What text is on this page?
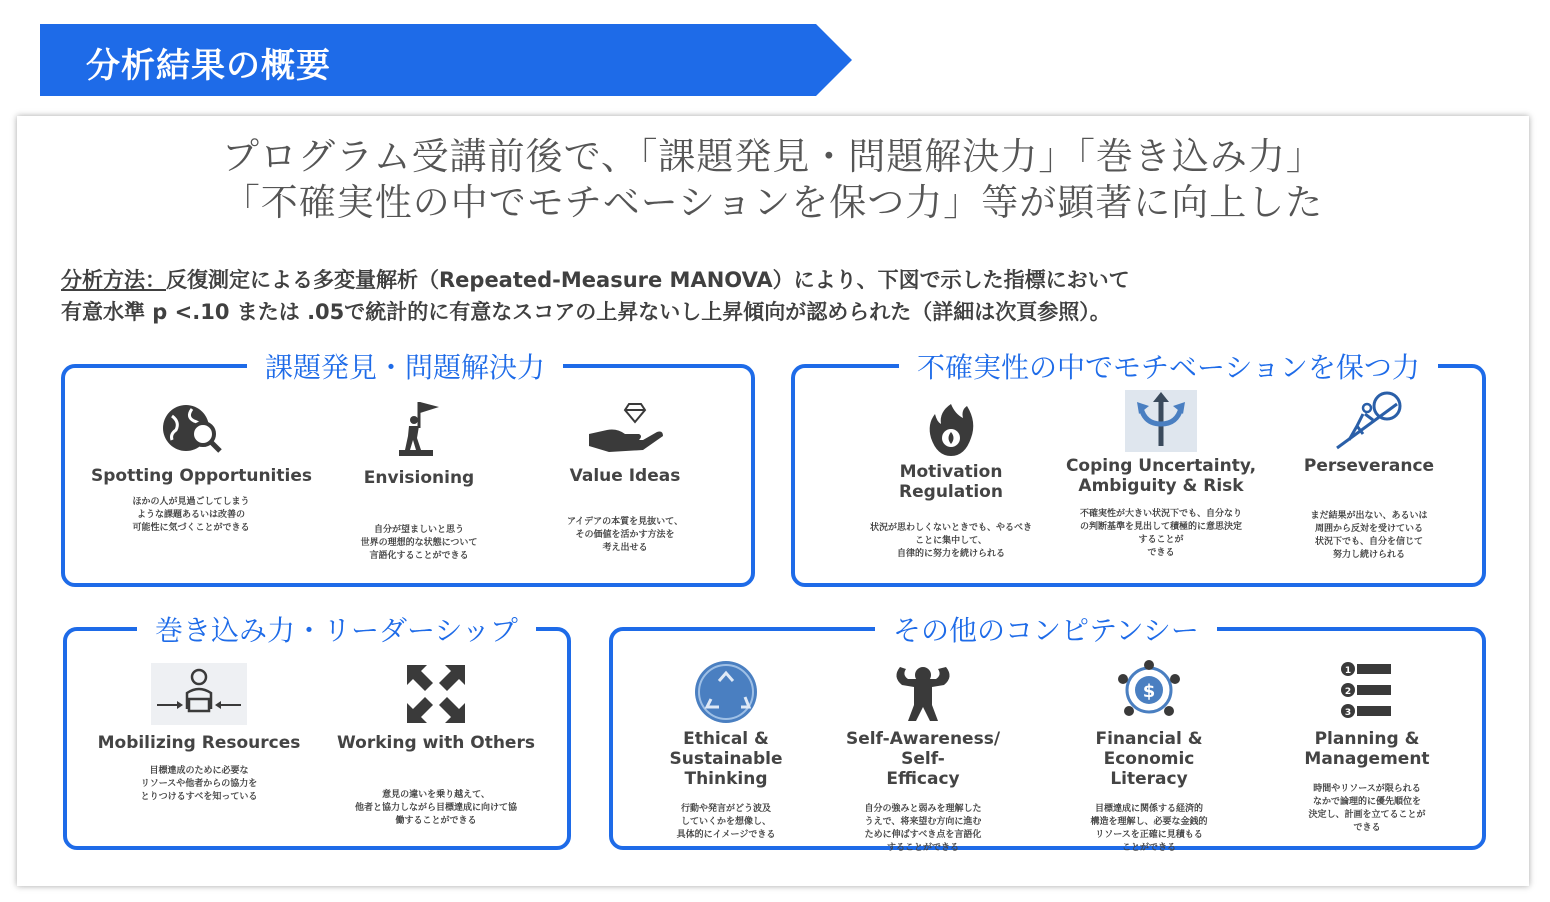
分析結果の概要
プログラム受講前後で、「課題発見・問題解決力」「巻き込み力」
「不確実性の中でモチベーションを保つ力」等が顕著に向上した
分析方法：反復測定による多変量解析（Repeated-Measure MANOVA）により、下図で示した指標において
有意水準 p <.10 または .05で統計的に有意なスコアの上昇ないし上昇傾向が認められた（詳細は次頁参照）。
課題発見・問題解決力
Spotting Opportunities
ほかの人が見過ごしてしまう
ような課題あるいは改善の
可能性に気づくことができる
Envisioning
自分が望ましいと思う
世界の理想的な状態について
言語化することができる
Value Ideas
アイデアの本質を見抜いて、
その価値を活かす方法を
考え出せる
不確実性の中でモチベーションを保つ力
Motivation
Regulation
状況が思わしくないときでも、やるべき
ことに集中して、
自律的に努力を続けられる
Coping Uncertainty,
Ambiguity & Risk
不確実性が大きい状況下でも、自分なり
の判断基準を見出して積極的に意思決定
することが
できる
Perseverance
まだ結果が出ない、あるいは
周囲から反対を受けている
状況下でも、自分を信じて
努力し続けられる
巻き込み力・リーダーシップ
Mobilizing Resources
目標達成のために必要な
リソースや他者からの協力を
とりつけるすべを知っている
Working with Others
意見の違いを乗り越えて、
他者と協力しながら目標達成に向けて協
働することができる
その他のコンピテンシー
Ethical & Sustainable
Thinking
行動や発言がどう波及
していくかを想像し、
具体的にイメージできる
Self-Awareness/ Self-
Efficacy
自分の強みと弱みを理解した
うえで、将来望む方向に進む
ために伸ばすべき点を言語化
することができる
$
Financial & Economic
Literacy
目標達成に関係する経済的
構造を理解し、必要な金銭的
リソースを正確に見積もる
ことができる
1
2
3
Planning &
Management
時間やリソースが限られる
なかで論理的に優先順位を
決定し、計画を立てることが
できる
